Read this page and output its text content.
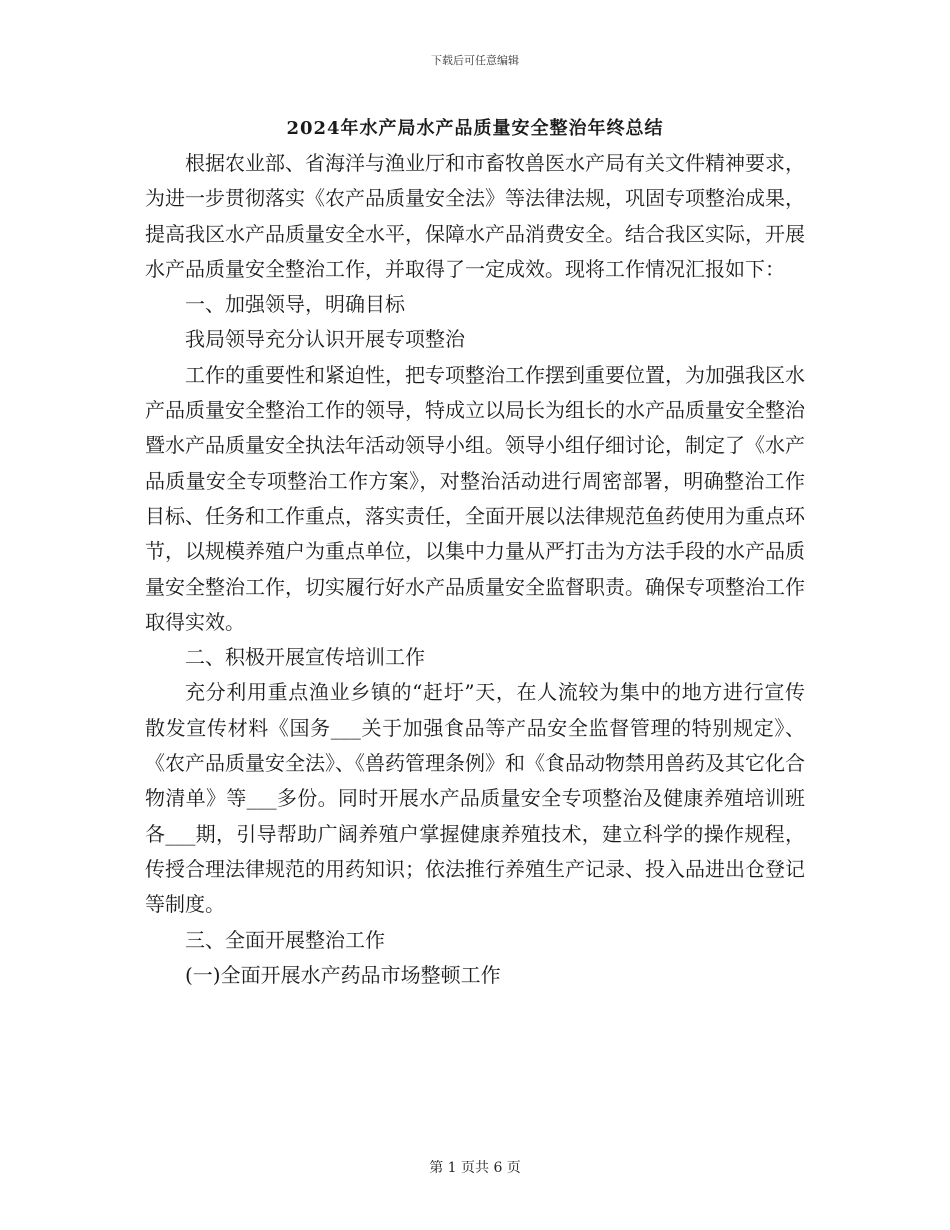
下载后可任意编辑
2024年水产局水产品质量安全整治年终总结

根据农业部、省海洋与渔业厅和市畜牧兽医水产局有关文件精神要求，为进一步贯彻落实《农产品质量安全法》等法律法规，巩固专项整治成果，提高我区水产品质量安全水平，保障水产品消费安全。结合我区实际，开展水产品质量安全整治工作，并取得了一定成效。现将工作情况汇报如下：

一、加强领导，明确目标

我局领导充分认识开展专项整治

工作的重要性和紧迫性，把专项整治工作摆到重要位置，为加强我区水产品质量安全整治工作的领导，特成立以局长为组长的水产品质量安全整治暨水产品质量安全执法年活动领导小组。领导小组仔细讨论，制定了《水产品质量安全专项整治工作方案》，对整治活动进行周密部署，明确整治工作目标、任务和工作重点，落实责任，全面开展以法律规范鱼药使用为重点环节，以规模养殖户为重点单位，以集中力量从严打击为方法手段的水产品质量安全整治工作，切实履行好水产品质量安全监督职责。确保专项整治工作取得实效。

二、积极开展宣传培训工作

充分利用重点渔业乡镇的“赶圩”天，在人流较为集中的地方进行宣传散发宣传材料《国务___关于加强食品等产品安全监督管理的特别规定》、《农产品质量安全法》、《兽药管理条例》和《食品动物禁用兽药及其它化合物清单》等___多份。同时开展水产品质量安全专项整治及健康养殖培训班各___期，引导帮助广阔养殖户掌握健康养殖技术，建立科学的操作规程，传授合理法律规范的用药知识；依法推行养殖生产记录、投入品进出仓登记等制度。

三、全面开展整治工作

(一)全面开展水产药品市场整顿工作

第 1 页共 6 页
